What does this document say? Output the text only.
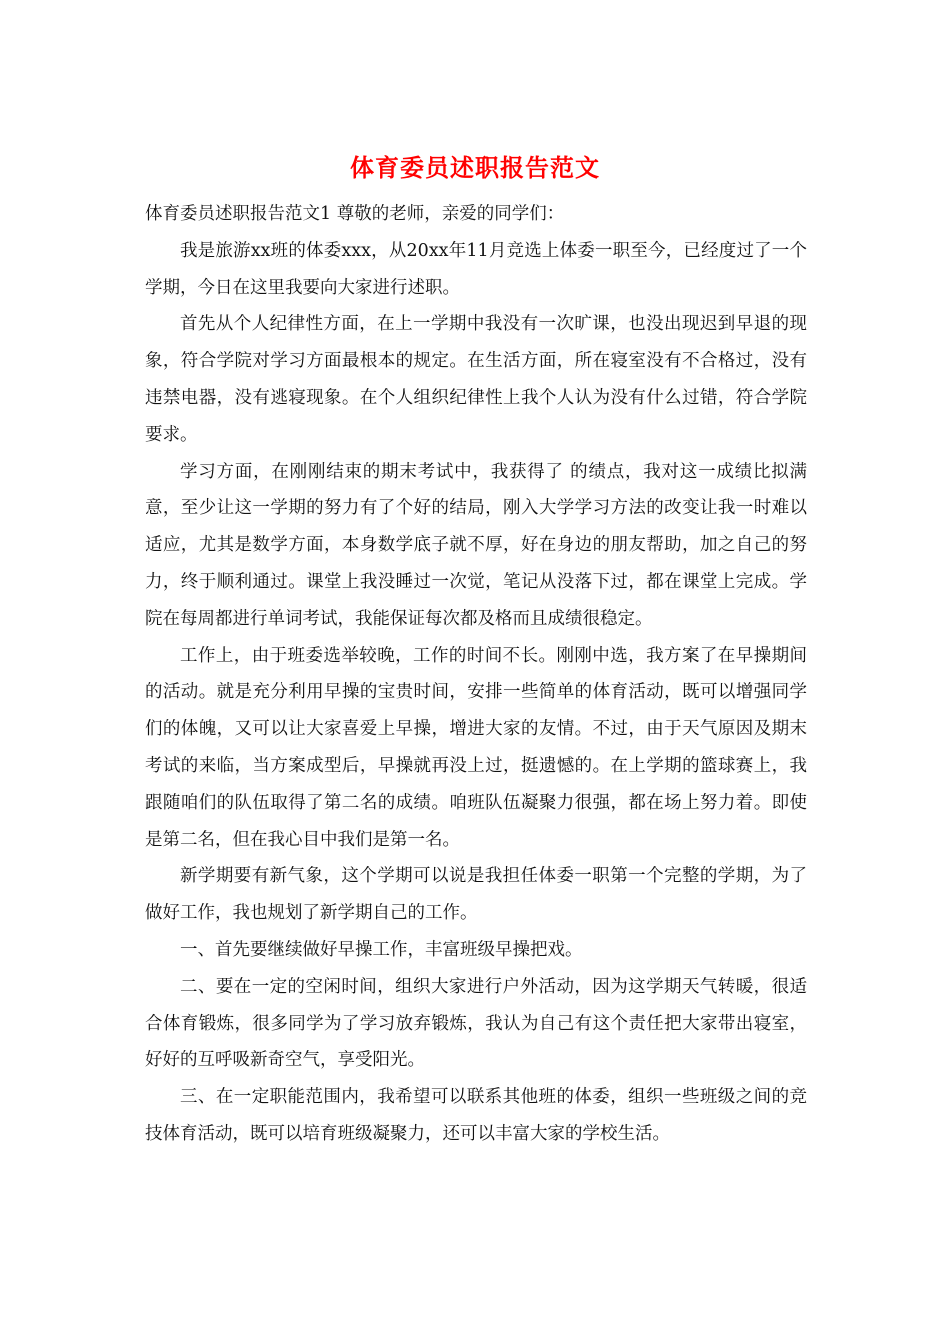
体育委员述职报告范文

体育委员述职报告范文1 尊敬的老师，亲爱的同学们：

我是旅游xx班的体委xxx，从20xx年11月竞选上体委一职至今，已经度过了一个学期，今日在这里我要向大家进行述职。

首先从个人纪律性方面，在上一学期中我没有一次旷课，也没出现迟到早退的现象，符合学院对学习方面最根本的规定。在生活方面，所在寝室没有不合格过，没有违禁电器，没有逃寝现象。在个人组织纪律性上我个人认为没有什么过错，符合学院要求。

学习方面，在刚刚结束的期末考试中，我获得了 的绩点，我对这一成绩比拟满意，至少让这一学期的努力有了个好的结局，刚入大学学习方法的改变让我一时难以适应，尤其是数学方面，本身数学底子就不厚，好在身边的朋友帮助，加之自己的努力，终于顺利通过。课堂上我没睡过一次觉，笔记从没落下过，都在课堂上完成。学院在每周都进行单词考试，我能保证每次都及格而且成绩很稳定。

工作上，由于班委选举较晚，工作的时间不长。刚刚中选，我方案了在早操期间的活动。就是充分利用早操的宝贵时间，安排一些简单的体育活动，既可以增强同学们的体魄，又可以让大家喜爱上早操，增进大家的友情。不过，由于天气原因及期末考试的来临，当方案成型后，早操就再没上过，挺遗憾的。在上学期的篮球赛上，我跟随咱们的队伍取得了第二名的成绩。咱班队伍凝聚力很强，都在场上努力着。即使是第二名，但在我心目中我们是第一名。

新学期要有新气象，这个学期可以说是我担任体委一职第一个完整的学期，为了做好工作，我也规划了新学期自己的工作。

一、首先要继续做好早操工作，丰富班级早操把戏。

二、要在一定的空闲时间，组织大家进行户外活动，因为这学期天气转暖，很适合体育锻炼，很多同学为了学习放弃锻炼，我认为自己有这个责任把大家带出寝室，好好的互呼吸新奇空气，享受阳光。

三、在一定职能范围内，我希望可以联系其他班的体委，组织一些班级之间的竞技体育活动，既可以培育班级凝聚力，还可以丰富大家的学校生活。
